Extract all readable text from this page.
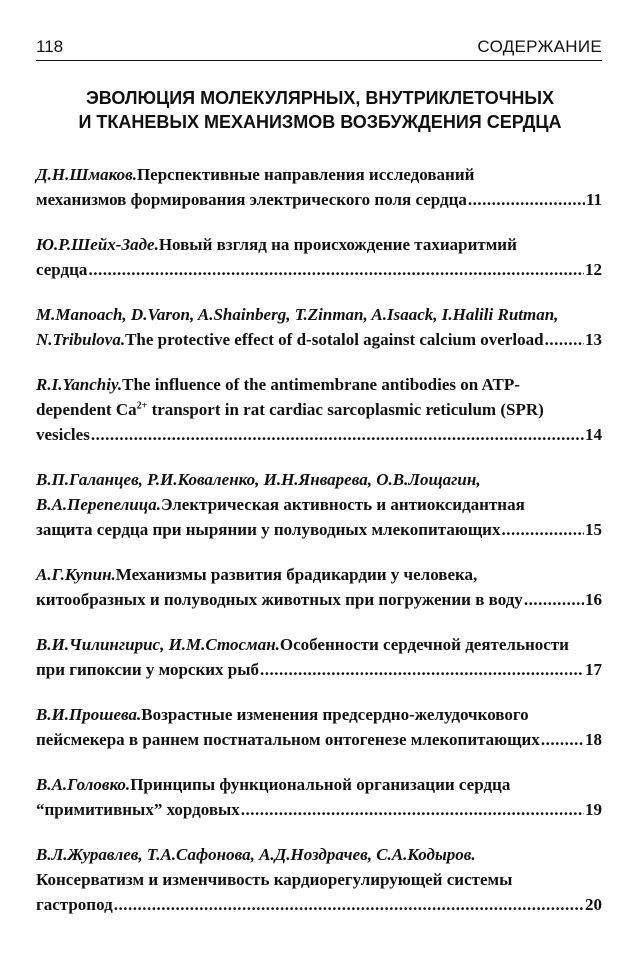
118	СОДЕРЖАНИЕ
ЭВОЛЮЦИЯ МОЛЕКУЛЯРНЫХ, ВНУТРИКЛЕТОЧНЫХ
И ТКАНЕВЫХ МЕХАНИЗМОВ ВОЗБУЖДЕНИЯ СЕРДЦА
Д.Н.Шмаков. Перспективные направления исследований
механизмов формирования электрического поля сердца .....	11
Ю.Р.Шейх-Заде. Новый взгляд на происхождение тахиаритмий
сердца .....	12
M.Manoach, D.Varon, A.Shainberg, T.Zinman, A.Isaack, I.Halili Rutman,
N.Tribulova. The protective effect of d-sotalol against calcium overload ..... 13
R.I.Yanchiy. The influence of the antimembrane antibodies on ATP-
dependent $Ca^{2+}$ transport in rat cardiac sarcoplasmic reticulum (SPR)
vesicles .....	14
В.П.Галанцев, Р.И.Коваленко, И.Н.Январева, О.В.Лощагин,
В.А.Перепелица. Электрическая активность и антиоксидантная
защита сердца при нырянии у полуводных млекопитающих .....	15
А.Г.Купин. Механизмы развития брадикардии у человека,
китообразных и полуводных животных при погружении в воду .....	16
В.И.Чилингирис, И.М.Стосман. Особенности сердечной деятельности
при гипоксии у морских рыб .....	17
В.И.Прошева. Возрастные изменения предсердно-желудочкового
пейсмекера в раннем постнатальном онтогенезе млекопитающих .....	18
В.А.Головко. Принципы функциональной организации сердца
“примитивных” хордовых .....	19
В.Л.Журавлев, Т.А.Сафонова, А.Д.Ноздрачев, С.А.Кодыров.
Консерватизм и изменчивость кардиорегулирующей системы
гастропод .....	20
